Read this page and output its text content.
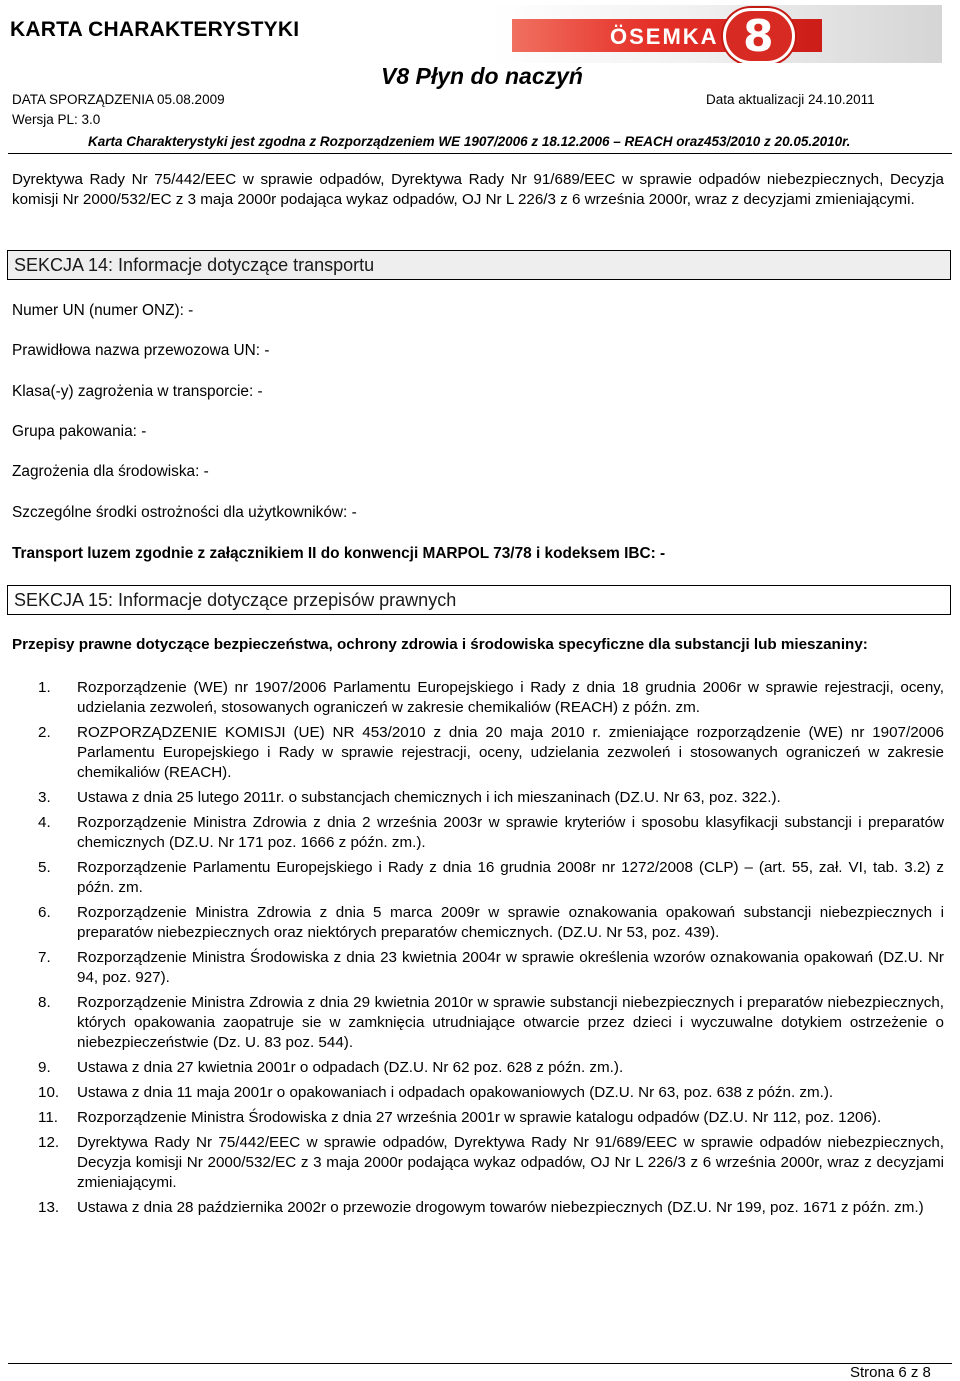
KARTA CHARAKTERYSTYKI	ÖSEMKA 8
V8 Płyn do naczyń
DATA SPORZĄDZENIA 05.08.2009	Data aktualizacji 24.10.2011
Wersja PL: 3.0
Karta Charakterystyki jest zgodna z Rozporządzeniem WE 1907/2006 z 18.12.2006 – REACH oraz453/2010 z 20.05.2010r.
Dyrektywa Rady Nr 75/442/EEC w sprawie odpadów, Dyrektywa Rady Nr 91/689/EEC w sprawie odpadów niebezpiecznych, Decyzja komisji Nr 2000/532/EC z 3 maja 2000r podająca wykaz odpadów, OJ Nr L 226/3 z 6 września 2000r, wraz z decyzjami zmieniającymi.
SEKCJA 14: Informacje dotyczące transportu
Numer UN (numer ONZ): -
Prawidłowa nazwa przewozowa UN: -
Klasa(-y) zagrożenia w transporcie: -
Grupa pakowania: -
Zagrożenia dla środowiska: -
Szczególne środki ostrożności dla użytkowników: -
Transport luzem zgodnie z załącznikiem II do konwencji MARPOL 73/78 i kodeksem IBC: -
SEKCJA 15: Informacje dotyczące przepisów prawnych
Przepisy prawne dotyczące bezpieczeństwa, ochrony zdrowia i środowiska specyficzne dla substancji lub mieszaniny:
1. Rozporządzenie (WE) nr 1907/2006 Parlamentu Europejskiego i Rady z dnia 18 grudnia 2006r w sprawie rejestracji, oceny, udzielania zezwoleń, stosowanych ograniczeń w zakresie chemikaliów (REACH) z późn. zm.
2. ROZPORZĄDZENIE KOMISJI (UE) NR 453/2010 z dnia 20 maja 2010 r. zmieniające rozporządzenie (WE) nr 1907/2006 Parlamentu Europejskiego i Rady w sprawie rejestracji, oceny, udzielania zezwoleń i stosowanych ograniczeń w zakresie chemikaliów (REACH).
3. Ustawa z dnia 25 lutego 2011r. o substancjach chemicznych i ich mieszaninach (DZ.U. Nr 63, poz. 322.).
4. Rozporządzenie Ministra Zdrowia z dnia 2 września 2003r w sprawie kryteriów i sposobu klasyfikacji substancji i preparatów chemicznych (DZ.U. Nr 171 poz. 1666 z późn. zm.).
5. Rozporządzenie Parlamentu Europejskiego i Rady z dnia 16 grudnia 2008r nr 1272/2008 (CLP) – (art. 55, zał. VI, tab. 3.2) z późn. zm.
6. Rozporządzenie Ministra Zdrowia z dnia 5 marca 2009r w sprawie oznakowania opakowań substancji niebezpiecznych i preparatów niebezpiecznych oraz niektórych preparatów chemicznych. (DZ.U. Nr 53, poz. 439).
7. Rozporządzenie Ministra Środowiska z dnia 23 kwietnia 2004r w sprawie określenia wzorów oznakowania opakowań (DZ.U. Nr 94, poz. 927).
8. Rozporządzenie Ministra Zdrowia z dnia 29 kwietnia 2010r w sprawie substancji niebezpiecznych i preparatów niebezpiecznych, których opakowania zaopatruje sie w zamknięcia utrudniające otwarcie przez dzieci i wyczuwalne dotykiem ostrzeżenie o niebezpieczeństwie (Dz. U. 83 poz. 544).
9. Ustawa z dnia 27 kwietnia 2001r o odpadach (DZ.U. Nr 62 poz. 628 z późn. zm.).
10. Ustawa z dnia 11 maja 2001r o opakowaniach i odpadach opakowaniowych (DZ.U. Nr 63, poz. 638 z późn. zm.).
11. Rozporządzenie Ministra Środowiska z dnia 27 września 2001r w sprawie katalogu odpadów (DZ.U. Nr 112, poz. 1206).
12. Dyrektywa Rady Nr 75/442/EEC w sprawie odpadów, Dyrektywa Rady Nr 91/689/EEC w sprawie odpadów niebezpiecznych, Decyzja komisji Nr 2000/532/EC z 3 maja 2000r podająca wykaz odpadów, OJ Nr L 226/3 z 6 września 2000r, wraz z decyzjami zmieniającymi.
13. Ustawa z dnia 28 października 2002r o przewozie drogowym towarów niebezpiecznych (DZ.U. Nr 199, poz. 1671 z późn. zm.)
Strona 6 z 8
